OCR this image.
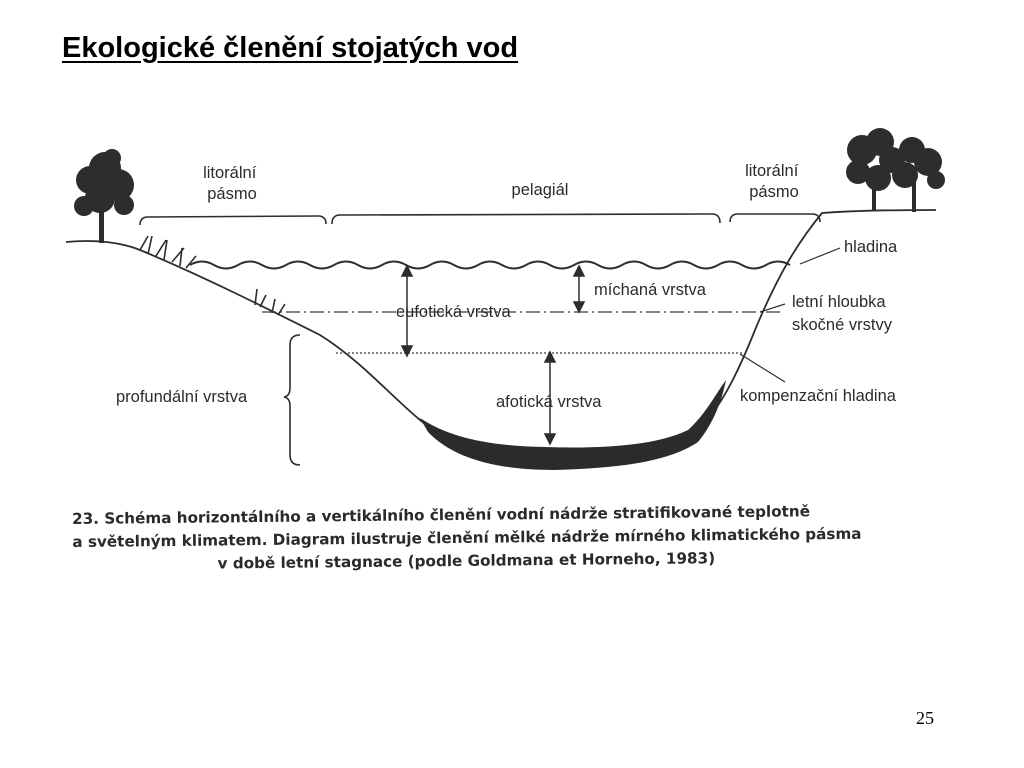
Ekologické členění stojatých vod
litorální pásmo	pelagiál
litorální pásmo
hladina
míchaná vrstva
eufotická vrstva
letní hloubka skočné vrstvy
profundální vrstva	afotická vrstva	kompenzační hladina
23. Schéma horizontálního a vertikálního členění vodní nádrže stratifikované teplotně
a světelným klimatem. Diagram ilustruje členění mělké nádrže mírného klimatického pásma
v době letní stagnace (podle Goldmana et Horneho, 1983)
25
